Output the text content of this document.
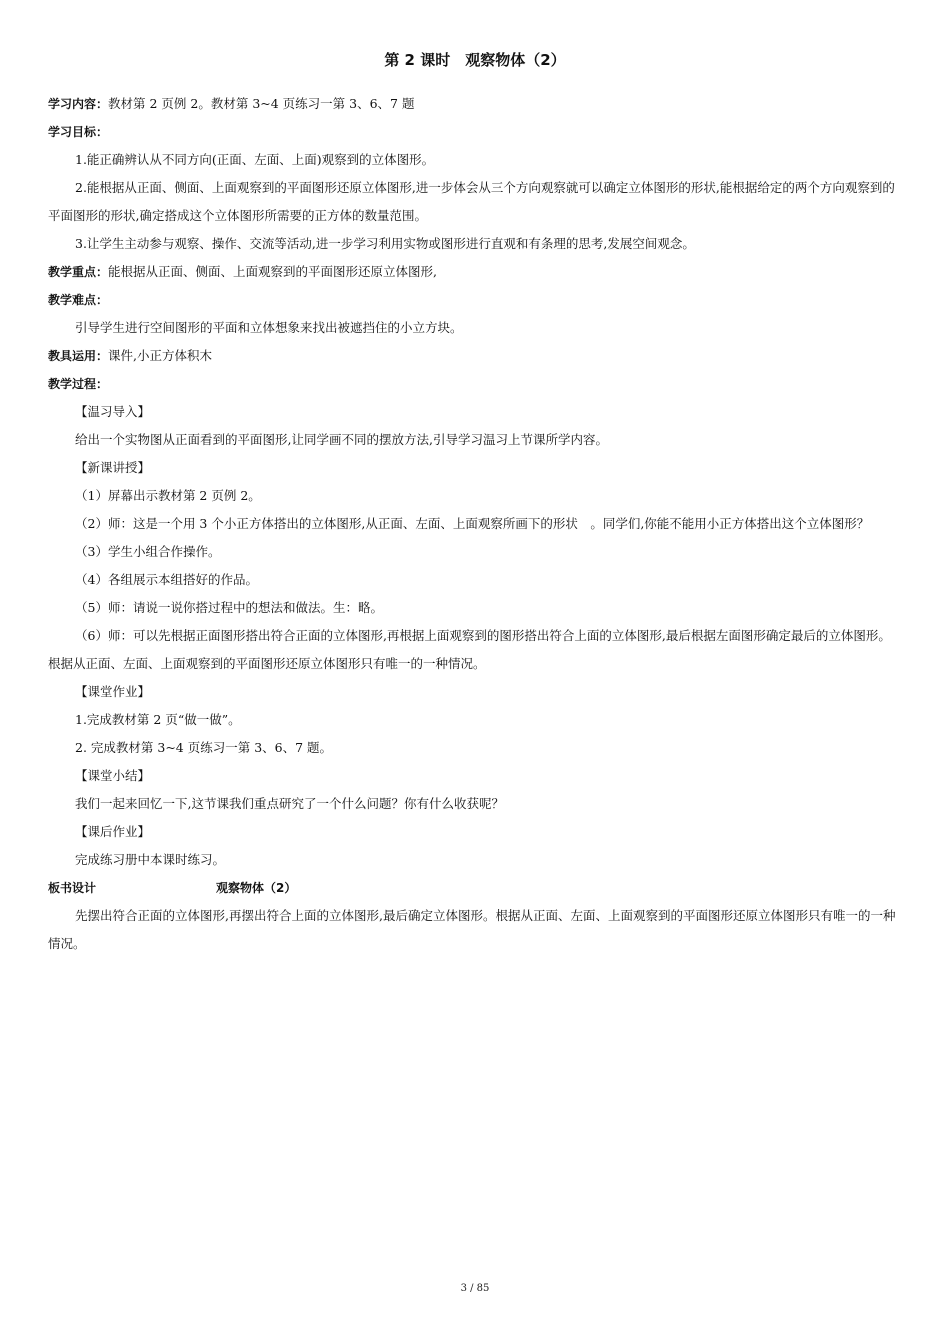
第 2 课时　观察物体（2）

学习内容：教材第 2 页例 2。教材第 3~4 页练习一第 3、6、7 题

学习目标：

1.能正确辨认从不同方向(正面、左面、上面)观察到的立体图形。

2.能根据从正面、侧面、上面观察到的平面图形还原立体图形,进一步体会从三个方向观察就可以确定立体图形的形状,能根据给定的两个方向观察到的平面图形的形状,确定搭成这个立体图形所需要的正方体的数量范围。

3.让学生主动参与观察、操作、交流等活动,进一步学习利用实物或图形进行直观和有条理的思考,发展空间观念。

教学重点：能根据从正面、侧面、上面观察到的平面图形还原立体图形,

教学难点：

引导学生进行空间图形的平面和立体想象来找出被遮挡住的小立方块。

教具运用：课件,小正方体积木

教学过程：

【温习导入】

给出一个实物图从正面看到的平面图形,让同学画不同的摆放方法,引导学习温习上节课所学内容。

【新课讲授】

（1）屏幕出示教材第 2 页例 2。

（2）师：这是一个用 3 个小正方体搭出的立体图形,从正面、左面、上面观察所画下的形状　。同学们,你能不能用小正方体搭出这个立体图形？

（3）学生小组合作操作。

（4）各组展示本组搭好的作品。

（5）师：请说一说你搭过程中的想法和做法。生：略。

（6）师：可以先根据正面图形搭出符合正面的立体图形,再根据上面观察到的图形搭出符合上面的立体图形,最后根据左面图形确定最后的立体图形。根据从正面、左面、上面观察到的平面图形还原立体图形只有唯一的一种情况。

【课堂作业】

1.完成教材第 2 页“做一做”。

2. 完成教材第 3~4 页练习一第 3、6、7 题。

【课堂小结】

我们一起来回忆一下,这节课我们重点研究了一个什么问题？你有什么收获呢？

【课后作业】

完成练习册中本课时练习。

板书设计	观察物体（2）

先摆出符合正面的立体图形,再摆出符合上面的立体图形,最后确定立体图形。根据从正面、左面、上面观察到的平面图形还原立体图形只有唯一的一种情况。

3 / 85
